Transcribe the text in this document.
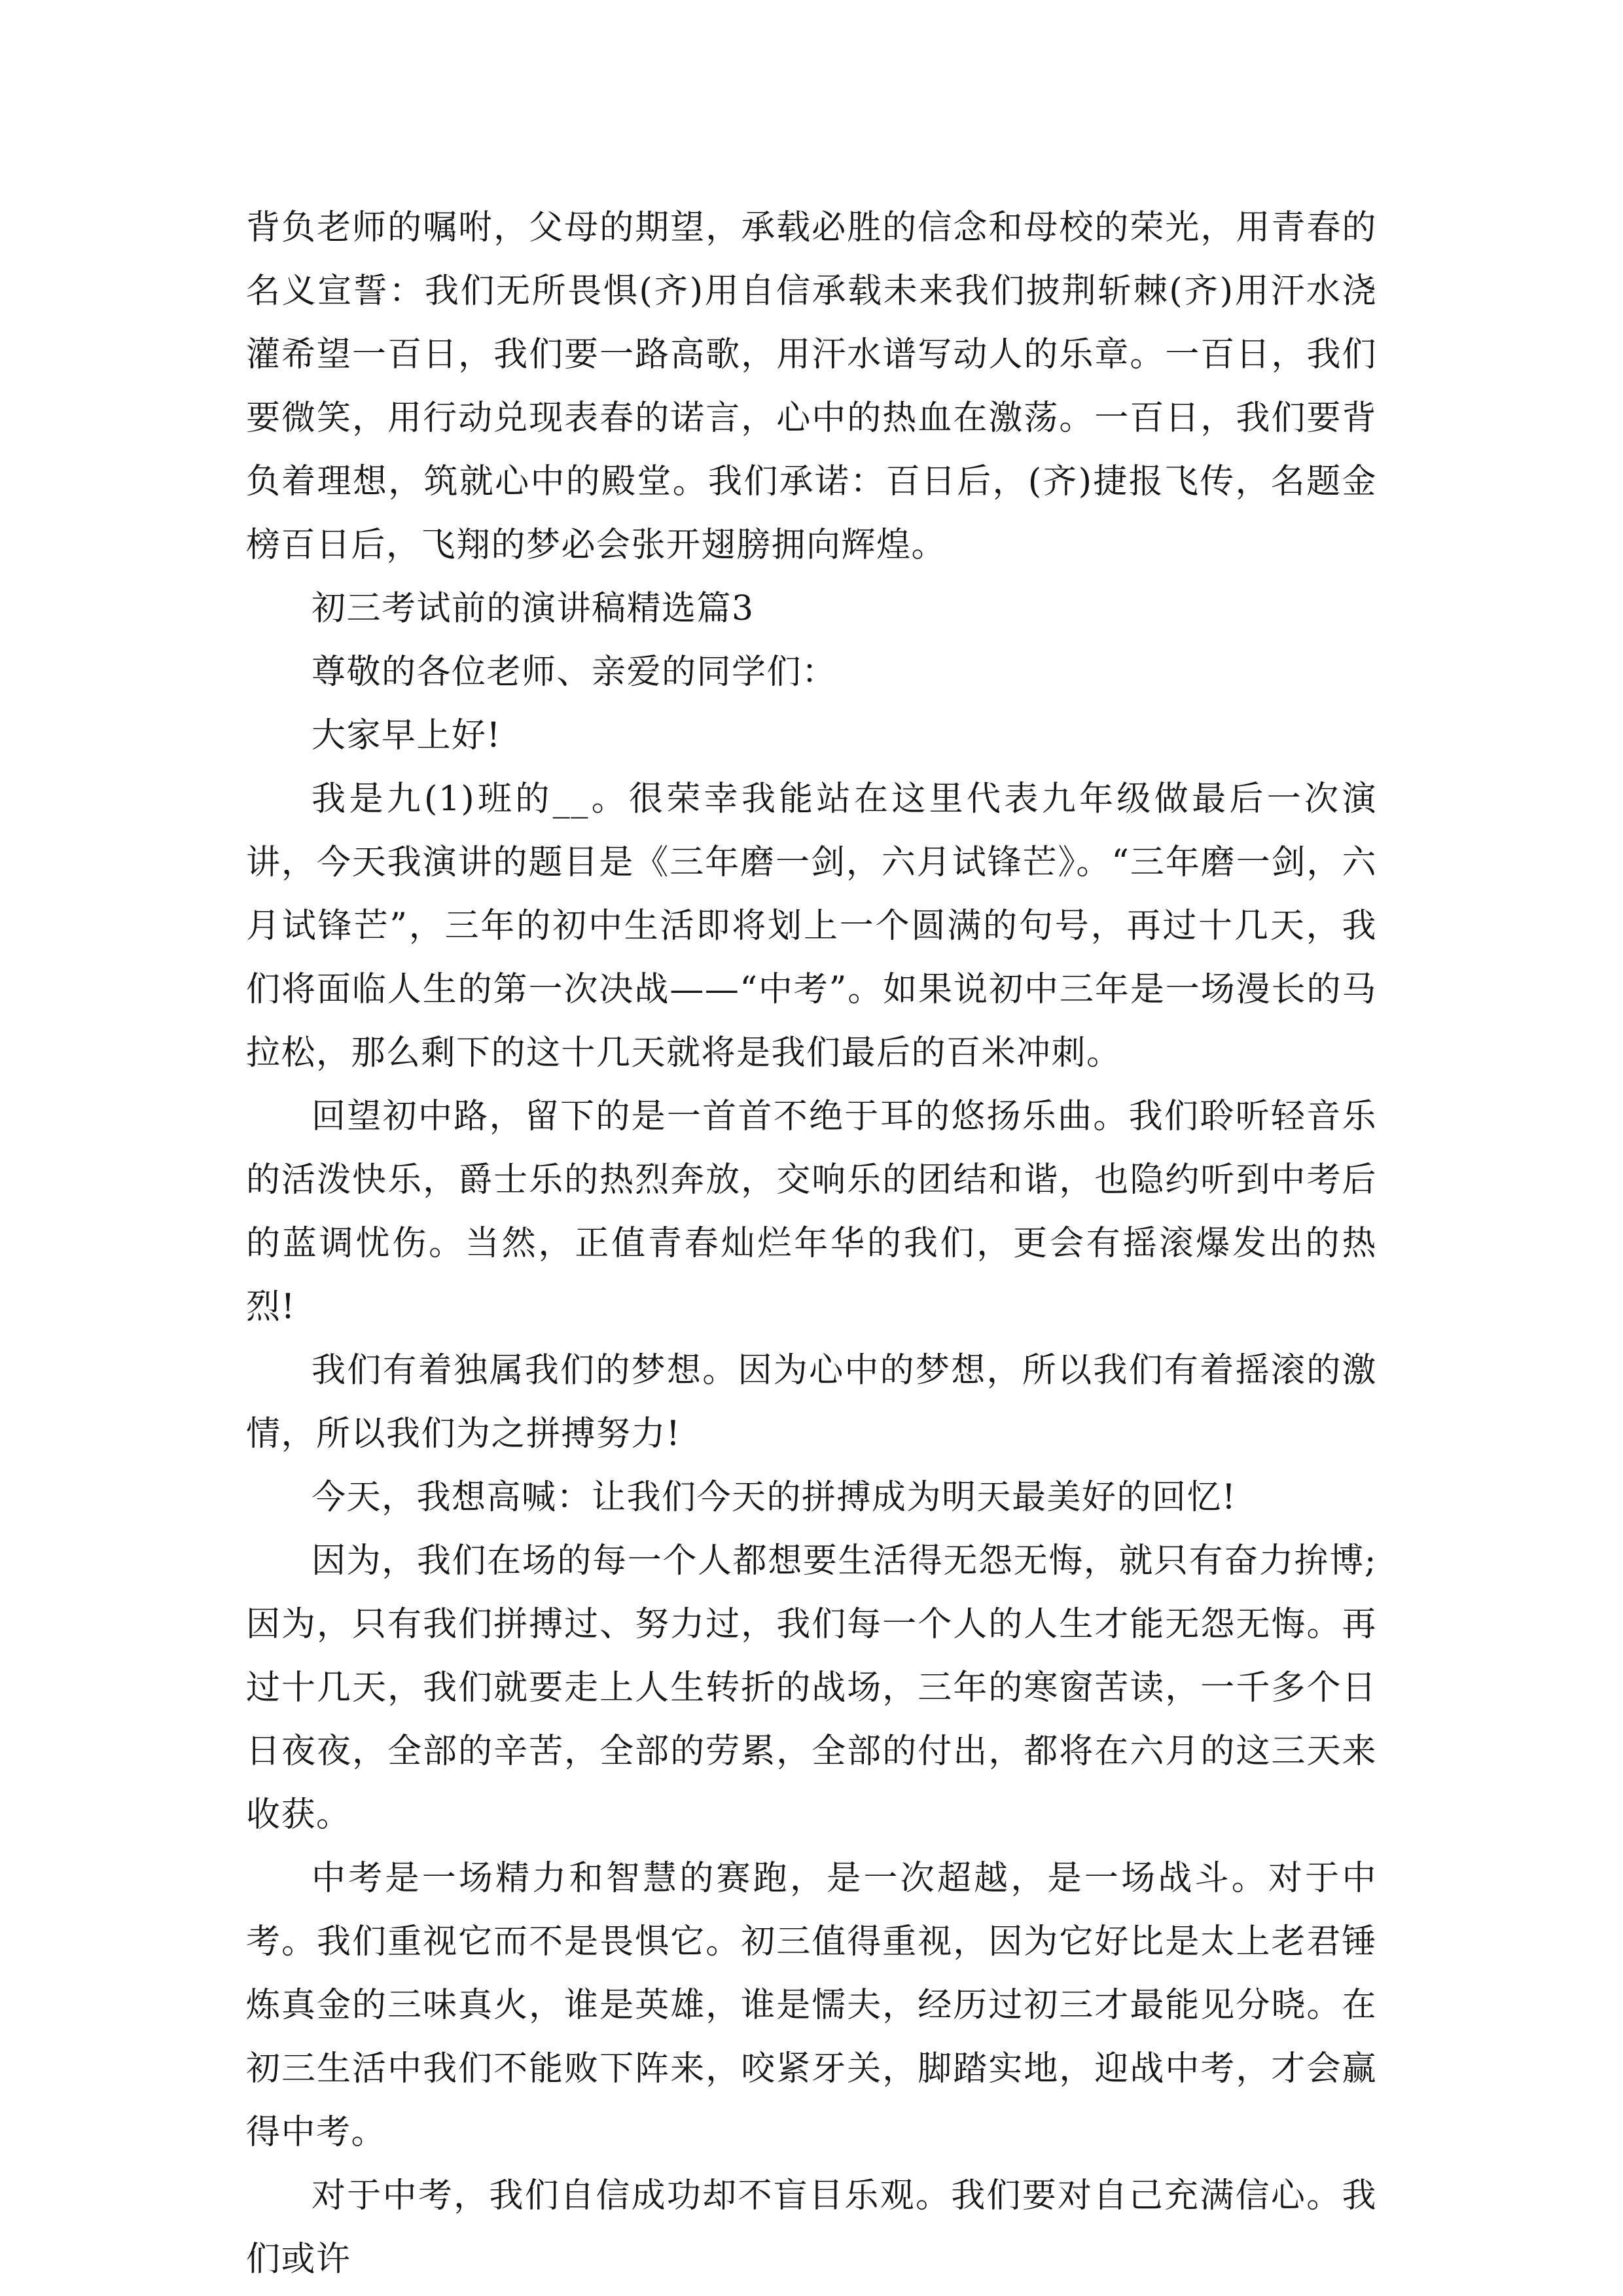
背负老师的嘱咐，父母的期望，承载必胜的信念和母校的荣光，用青春的名义宣誓：我们无所畏惧(齐)用自信承载未来我们披荆斩棘(齐)用汗水浇灌希望一百日，我们要一路高歌，用汗水谱写动人的乐章。一百日，我们要微笑，用行动兑现表春的诺言，心中的热血在激荡。一百日，我们要背负着理想，筑就心中的殿堂。我们承诺：百日后，(齐)捷报飞传，名题金榜百日后，飞翔的梦必会张开翅膀拥向辉煌。

初三考试前的演讲稿精选篇3

尊敬的各位老师、亲爱的同学们：

大家早上好!

我是九(1)班的__。很荣幸我能站在这里代表九年级做最后一次演讲，今天我演讲的题目是《三年磨一剑，六月试锋芒》。“三年磨一剑，六月试锋芒”，三年的初中生活即将划上一个圆满的句号，再过十几天，我们将面临人生的第一次决战——“中考”。如果说初中三年是一场漫长的马拉松，那么剩下的这十几天就将是我们最后的百米冲刺。

回望初中路，留下的是一首首不绝于耳的悠扬乐曲。我们聆听轻音乐的活泼快乐，爵士乐的热烈奔放，交响乐的团结和谐，也隐约听到中考后的蓝调忧伤。当然，正值青春灿烂年华的我们，更会有摇滚爆发出的热烈!

我们有着独属我们的梦想。因为心中的梦想，所以我们有着摇滚的激情，所以我们为之拼搏努力!

今天，我想高喊：让我们今天的拼搏成为明天最美好的回忆!

因为，我们在场的每一个人都想要生活得无怨无悔，就只有奋力拚博;因为，只有我们拼搏过、努力过，我们每一个人的人生才能无怨无悔。再过十几天，我们就要走上人生转折的战场，三年的寒窗苦读，一千多个日日夜夜，全部的辛苦，全部的劳累，全部的付出，都将在六月的这三天来收获。

中考是一场精力和智慧的赛跑，是一次超越，是一场战斗。对于中考。我们重视它而不是畏惧它。初三值得重视，因为它好比是太上老君锤炼真金的三味真火，谁是英雄，谁是懦夫，经历过初三才最能见分晓。在初三生活中我们不能败下阵来，咬紧牙关，脚踏实地，迎战中考，才会赢得中考。

对于中考，我们自信成功却不盲目乐观。我们要对自己充满信心。我们或许
